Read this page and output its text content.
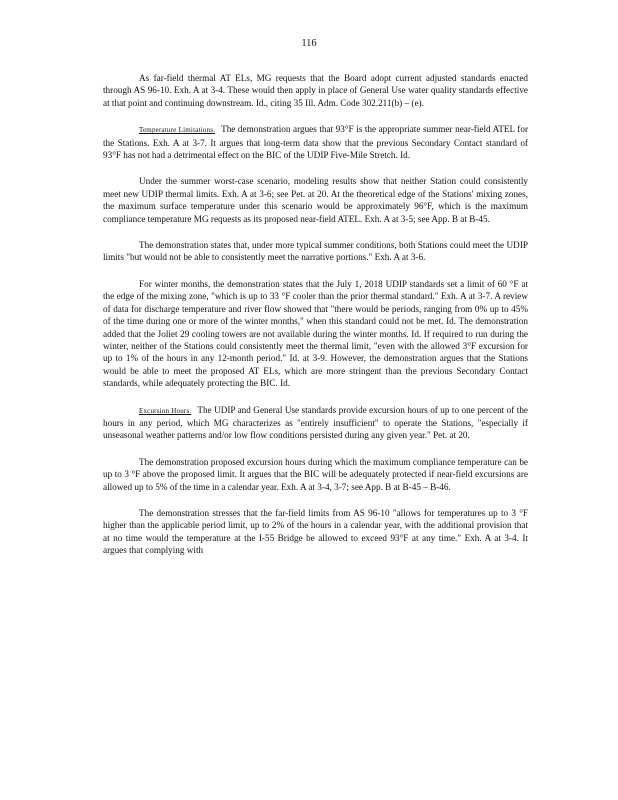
116

As far-field thermal AT ELs, MG requests that the Board adopt current adjusted standards enacted through AS 96-10. Exh. A at 3-4. These would then apply in place of General Use water quality standards effective at that point and continuing downstream. Id., citing 35 Ill. Adm. Code 302.211(b) – (e).

Temperature Limitations. The demonstration argues that 93°F is the appropriate summer near-field ATEL for the Stations. Exh. A at 3-7. It argues that long-term data show that the previous Secondary Contact standard of 93°F has not had a detrimental effect on the BIC of the UDIP Five-Mile Stretch. Id.

Under the summer worst-case scenario, modeling results show that neither Station could consistently meet new UDIP thermal limits. Exh. A at 3-6; see Pet. at 20. At the theoretical edge of the Stations' mixing zones, the maximum surface temperature under this scenario would be approximately 96°F, which is the maximum compliance temperature MG requests as its proposed near-field ATEL. Exh. A at 3-5; see App. B at B-45.

The demonstration states that, under more typical summer conditions, both Stations could meet the UDIP limits "but would not be able to consistently meet the narrative portions." Exh. A at 3-6.

For winter months, the demonstration states that the July 1, 2018 UDIP standards set a limit of 60 °F at the edge of the mixing zone, "which is up to 33 °F cooler than the prior thermal standard." Exh. A at 3-7. A review of data for discharge temperature and river flow showed that "there would be periods, ranging from 0% up to 45% of the time during one or more of the winter months," when this standard could not be met. Id. The demonstration added that the Joliet 29 cooling towers are not available during the winter months. Id. If required to run during the winter, neither of the Stations could consistently meet the thermal limit, "even with the allowed 3°F excursion for up to 1% of the hours in any 12-month period." Id. at 3-9. However, the demonstration argues that the Stations would be able to meet the proposed AT ELs, which are more stringent than the previous Secondary Contact standards, while adequately protecting the BIC. Id.

Excursion Hours. The UDIP and General Use standards provide excursion hours of up to one percent of the hours in any period, which MG characterizes as "entirely insufficient" to operate the Stations, "especially if unseasonal weather patterns and/or low flow conditions persisted during any given year." Pet. at 20.

The demonstration proposed excursion hours during which the maximum compliance temperature can be up to 3 °F above the proposed limit. It argues that the BIC will be adequately protected if near-field excursions are allowed up to 5% of the time in a calendar year. Exh. A at 3-4, 3-7; see App. B at B-45 – B-46.

The demonstration stresses that the far-field limits from AS 96-10 "allows for temperatures up to 3 °F higher than the applicable period limit, up to 2% of the hours in a calendar year, with the additional provision that at no time would the temperature at the I-55 Bridge be allowed to exceed 93°F at any time." Exh. A at 3-4. It argues that complying with
